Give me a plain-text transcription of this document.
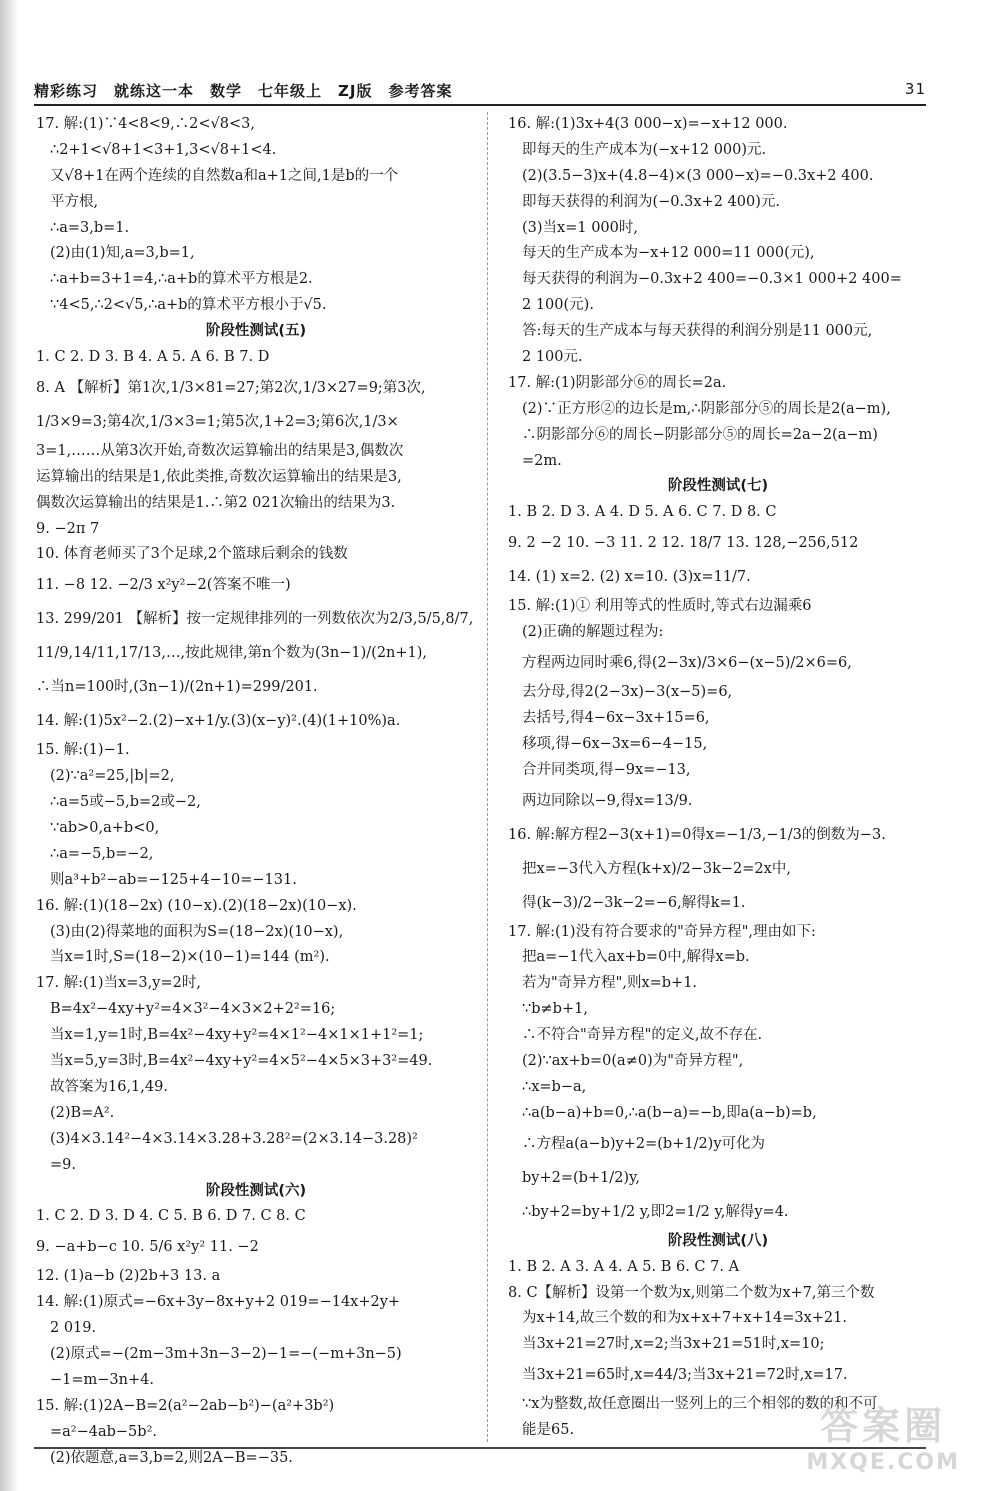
精彩练习　就练这一本　数学　七年级上　ZJ版　参考答案	31
17. 解:(1)∵4<8<9,∴2<√8<3,
∴2+1<√8+1<3+1,3<√8+1<4.
又√8+1在两个连续的自然数a和a+1之间,1是b的一个
平方根,
∴a=3,b=1.
(2)由(1)知,a=3,b=1,
∴a+b=3+1=4,∴a+b的算术平方根是2.
∵4<5,∴2<√5,∴a+b的算术平方根小于√5.
阶段性测试(五)
1. C 2. D 3. B 4. A 5. A 6. B 7. D
8. A 【解析】第1次,1/3×81=27;第2次,1/3×27=9;第3次,
1/3×9=3;第4次,1/3×3=1;第5次,1+2=3;第6次,1/3×
3=1,……从第3次开始,奇数次运算输出的结果是3,偶数次
运算输出的结果是1,依此类推,奇数次运算输出的结果是3,
偶数次运算输出的结果是1.∴第2 021次输出的结果为3.
9. −2π 7
10. 体育老师买了3个足球,2个篮球后剩余的钱数
11. −8 12. −2/3 x²y²−2(答案不唯一)
13. 299/201 【解析】按一定规律排列的一列数依次为2/3,5/5,8/7,
11/9,14/11,17/13,…,按此规律,第n个数为(3n−1)/(2n+1),
∴当n=100时,(3n−1)/(2n+1)=299/201.
14. 解:(1)5x²−2.(2)−x+1/y.(3)(x−y)².(4)(1+10%)a.
15. 解:(1)−1.
(2)∵a²=25,|b|=2,
∴a=5或−5,b=2或−2,
∵ab>0,a+b<0,
∴a=−5,b=−2,
则a³+b²−ab=−125+4−10=−131.
16. 解:(1)(18−2x) (10−x).(2)(18−2x)(10−x).
(3)由(2)得菜地的面积为S=(18−2x)(10−x),
当x=1时,S=(18−2)×(10−1)=144 (m²).
17. 解:(1)当x=3,y=2时,
B=4x²−4xy+y²=4×3²−4×3×2+2²=16;
当x=1,y=1时,B=4x²−4xy+y²=4×1²−4×1×1+1²=1;
当x=5,y=3时,B=4x²−4xy+y²=4×5²−4×5×3+3²=49.
故答案为16,1,49.
(2)B=A².
(3)4×3.14²−4×3.14×3.28+3.28²=(2×3.14−3.28)²
=9.
阶段性测试(六)
1. C 2. D 3. D 4. C 5. B 6. D 7. C 8. C
9. −a+b−c 10. 5/6 x²y² 11. −2
12. (1)a−b (2)2b+3 13. a
14. 解:(1)原式=−6x+3y−8x+y+2 019=−14x+2y+
2 019.
(2)原式=−(2m−3m+3n−3−2)−1=−(−m+3n−5)
−1=m−3n+4.
15. 解:(1)2A−B=2(a²−2ab−b²)−(a²+3b²)
=a²−4ab−5b².
(2)依题意,a=3,b=2,则2A−B=−35.
16. 解:(1)3x+4(3 000−x)=−x+12 000.
即每天的生产成本为(−x+12 000)元.
(2)(3.5−3)x+(4.8−4)×(3 000−x)=−0.3x+2 400.
即每天获得的利润为(−0.3x+2 400)元.
(3)当x=1 000时,
每天的生产成本为−x+12 000=11 000(元),
每天获得的利润为−0.3x+2 400=−0.3×1 000+2 400=
2 100(元).
答:每天的生产成本与每天获得的利润分别是11 000元,
2 100元.
17. 解:(1)阴影部分⑥的周长=2a.
(2)∵正方形②的边长是m,∴阴影部分⑤的周长是2(a−m),
∴阴影部分⑥的周长−阴影部分⑤的周长=2a−2(a−m)
=2m.
阶段性测试(七)
1. B 2. D 3. A 4. D 5. A 6. C 7. D 8. C
9. 2 −2 10. −3 11. 2 12. 18/7 13. 128,−256,512
14. (1) x=2. (2) x=10. (3)x=11/7.
15. 解:(1)① 利用等式的性质时,等式右边漏乘6
(2)正确的解题过程为:
方程两边同时乘6,得(2−3x)/3×6−(x−5)/2×6=6,
去分母,得2(2−3x)−3(x−5)=6,
去括号,得4−6x−3x+15=6,
移项,得−6x−3x=6−4−15,
合并同类项,得−9x=−13,
两边同除以−9,得x=13/9.
16. 解:解方程2−3(x+1)=0得x=−1/3,−1/3的倒数为−3.
把x=−3代入方程(k+x)/2−3k−2=2x中,
得(k−3)/2−3k−2=−6,解得k=1.
17. 解:(1)没有符合要求的"奇异方程",理由如下:
把a=−1代入ax+b=0中,解得x=b.
若为"奇异方程",则x=b+1.
∵b≠b+1,
∴不符合"奇异方程"的定义,故不存在.
(2)∵ax+b=0(a≠0)为"奇异方程",
∴x=b−a,
∴a(b−a)+b=0,∴a(b−a)=−b,即a(a−b)=b,
∴方程a(a−b)y+2=(b+1/2)y可化为
by+2=(b+1/2)y,
∴by+2=by+1/2 y,即2=1/2 y,解得y=4.
阶段性测试(八)
1. B 2. A 3. A 4. A 5. B 6. C 7. A
8. C【解析】设第一个数为x,则第二个数为x+7,第三个数
为x+14,故三个数的和为x+x+7+x+14=3x+21.
当3x+21=27时,x=2;当3x+21=51时,x=10;
当3x+21=65时,x=44/3;当3x+21=72时,x=17.
∵x为整数,故任意圈出一竖列上的三个相邻的数的和不可
能是65.	答案圈
MXQE.COM
